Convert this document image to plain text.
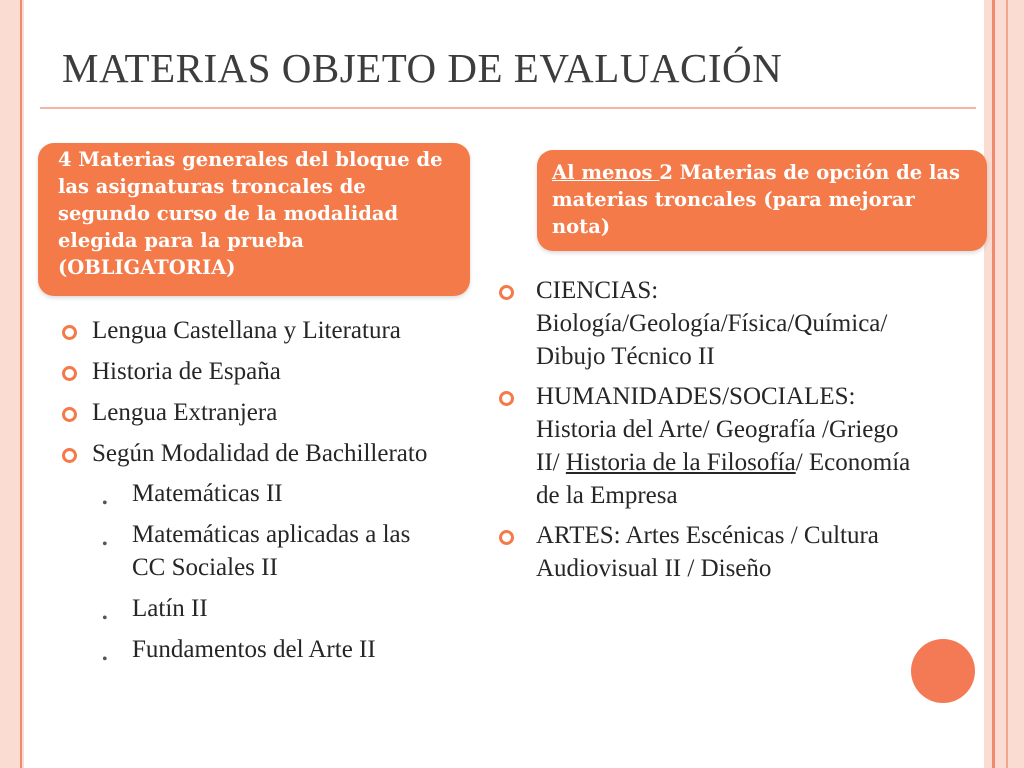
MATERIAS OBJETO DE EVALUACIÓN
4 Materias generales del bloque de las asignaturas troncales de segundo curso de la modalidad elegida para la prueba (OBLIGATORIA)
Al menos 2 Materias de opción de las materias troncales (para mejorar nota)
Lengua Castellana y Literatura
Historia de España
Lengua Extranjera
Según Modalidad de Bachillerato
• Matemáticas II
• Matemáticas aplicadas a las CC Sociales II
• Latín II
• Fundamentos del Arte II
CIENCIAS: Biología/Geología/Física/Química/ Dibujo Técnico II
HUMANIDADES/SOCIALES: Historia del Arte/ Geografía /Griego II/ Historia de la Filosofía/ Economía de la Empresa
ARTES: Artes Escénicas / Cultura Audiovisual II / Diseño
